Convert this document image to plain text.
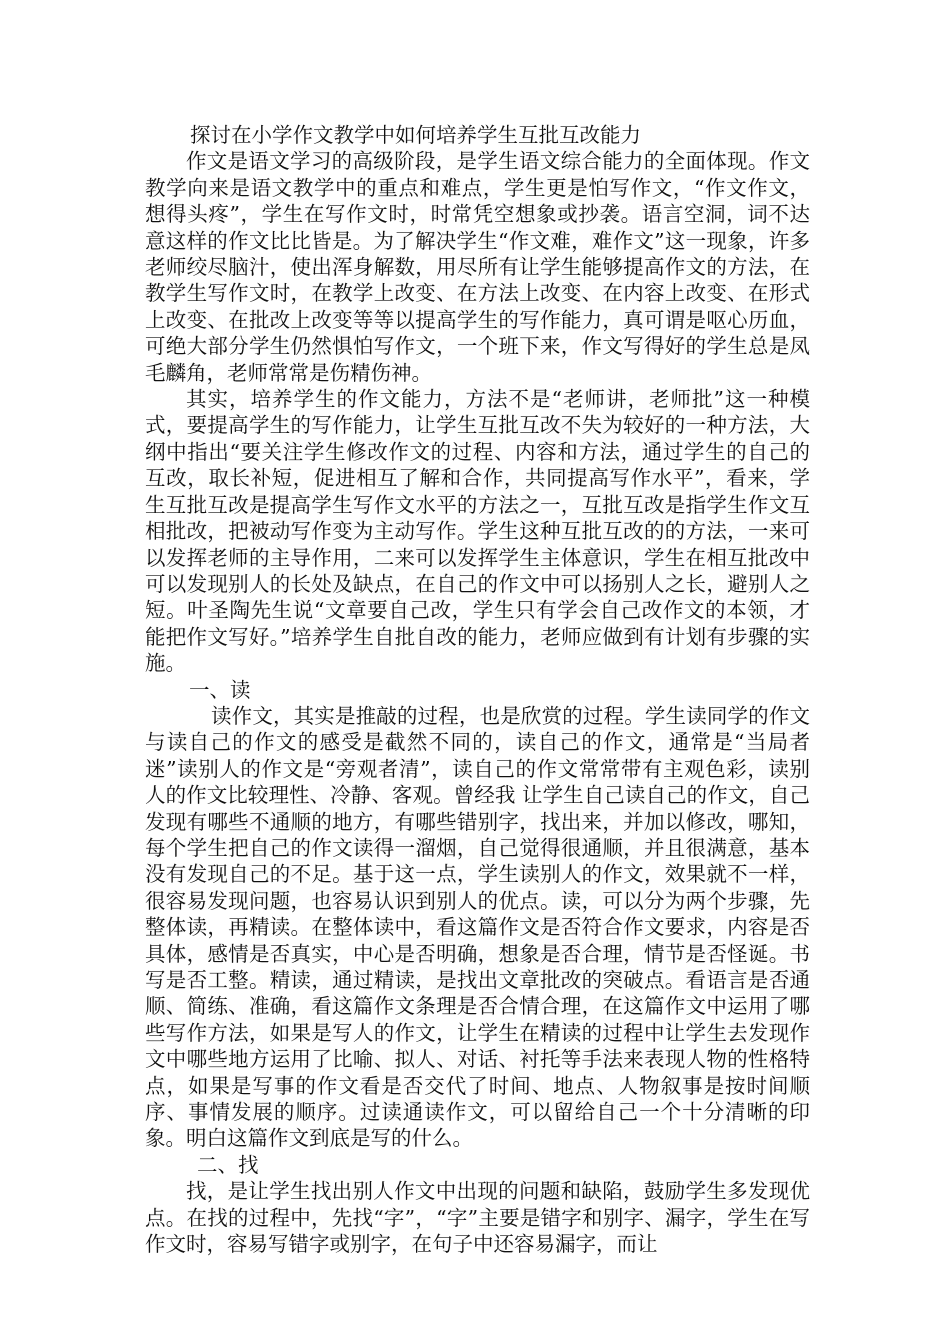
探讨在小学作文教学中如何培养学生互批互改能力

作文是语文学习的高级阶段，是学生语文综合能力的全面体现。作文教学向来是语文教学中的重点和难点，学生更是怕写作文，“作文作文，想得头疼”，学生在写作文时，时常凭空想象或抄袭。语言空洞，词不达意这样的作文比比皆是。为了解决学生“作文难，难作文”这一现象，许多老师绞尽脑汁，使出浑身解数，用尽所有让学生能够提高作文的方法，在教学生写作文时，在教学上改变、在方法上改变、在内容上改变、在形式上改变、在批改上改变等等以提高学生的写作能力，真可谓是呕心历血，可绝大部分学生仍然惧怕写作文，一个班下来，作文写得好的学生总是凤毛麟角，老师常常是伤精伤神。

其实，培养学生的作文能力，方法不是“老师讲，老师批”这一种模式，要提高学生的写作能力，让学生互批互改不失为较好的一种方法，大纲中指出“要关注学生修改作文的过程、内容和方法，通过学生的自己的互改，取长补短，促进相互了解和合作，共同提高写作水平”，看来，学生互批互改是提高学生写作文水平的方法之一，互批互改是指学生作文互相批改，把被动写作变为主动写作。学生这种互批互改的的方法，一来可以发挥老师的主导作用，二来可以发挥学生主体意识，学生在相互批改中可以发现别人的长处及缺点，在自己的作文中可以扬别人之长，避别人之短。叶圣陶先生说“文章要自己改，学生只有学会自己改作文的本领，才能把作文写好。”培养学生自批自改的能力，老师应做到有计划有步骤的实施。

一、读

读作文，其实是推敲的过程，也是欣赏的过程。学生读同学的作文与读自己的作文的感受是截然不同的，读自己的作文，通常是“当局者迷”读别人的作文是“旁观者清”，读自己的作文常常带有主观色彩，读别人的作文比较理性、冷静、客观。曾经我 让学生自己读自己的作文，自己发现有哪些不通顺的地方，有哪些错别字，找出来，并加以修改，哪知，每个学生把自己的作文读得一溜烟，自己觉得很通顺，并且很满意，基本没有发现自己的不足。基于这一点，学生读别人的作文，效果就不一样，很容易发现问题，也容易认识到别人的优点。读，可以分为两个步骤，先整体读，再精读。在整体读中，看这篇作文是否符合作文要求，内容是否具体，感情是否真实，中心是否明确，想象是否合理，情节是否怪诞。书写是否工整。精读，通过精读，是找出文章批改的突破点。看语言是否通顺、简练、准确，看这篇作文条理是否合情合理，在这篇作文中运用了哪些写作方法，如果是写人的作文，让学生在精读的过程中让学生去发现作文中哪些地方运用了比喻、拟人、对话、衬托等手法来表现人物的性格特点，如果是写事的作文看是否交代了时间、地点、人物叙事是按时间顺序、事情发展的顺序。过读通读作文，可以留给自己一个十分清晰的印象。明白这篇作文到底是写的什么。

二、找

找，是让学生找出别人作文中出现的问题和缺陷，鼓励学生多发现优点。在找的过程中，先找“字”，“字”主要是错字和别字、漏字，学生在写作文时，容易写错字或别字，在句子中还容易漏字，而让
